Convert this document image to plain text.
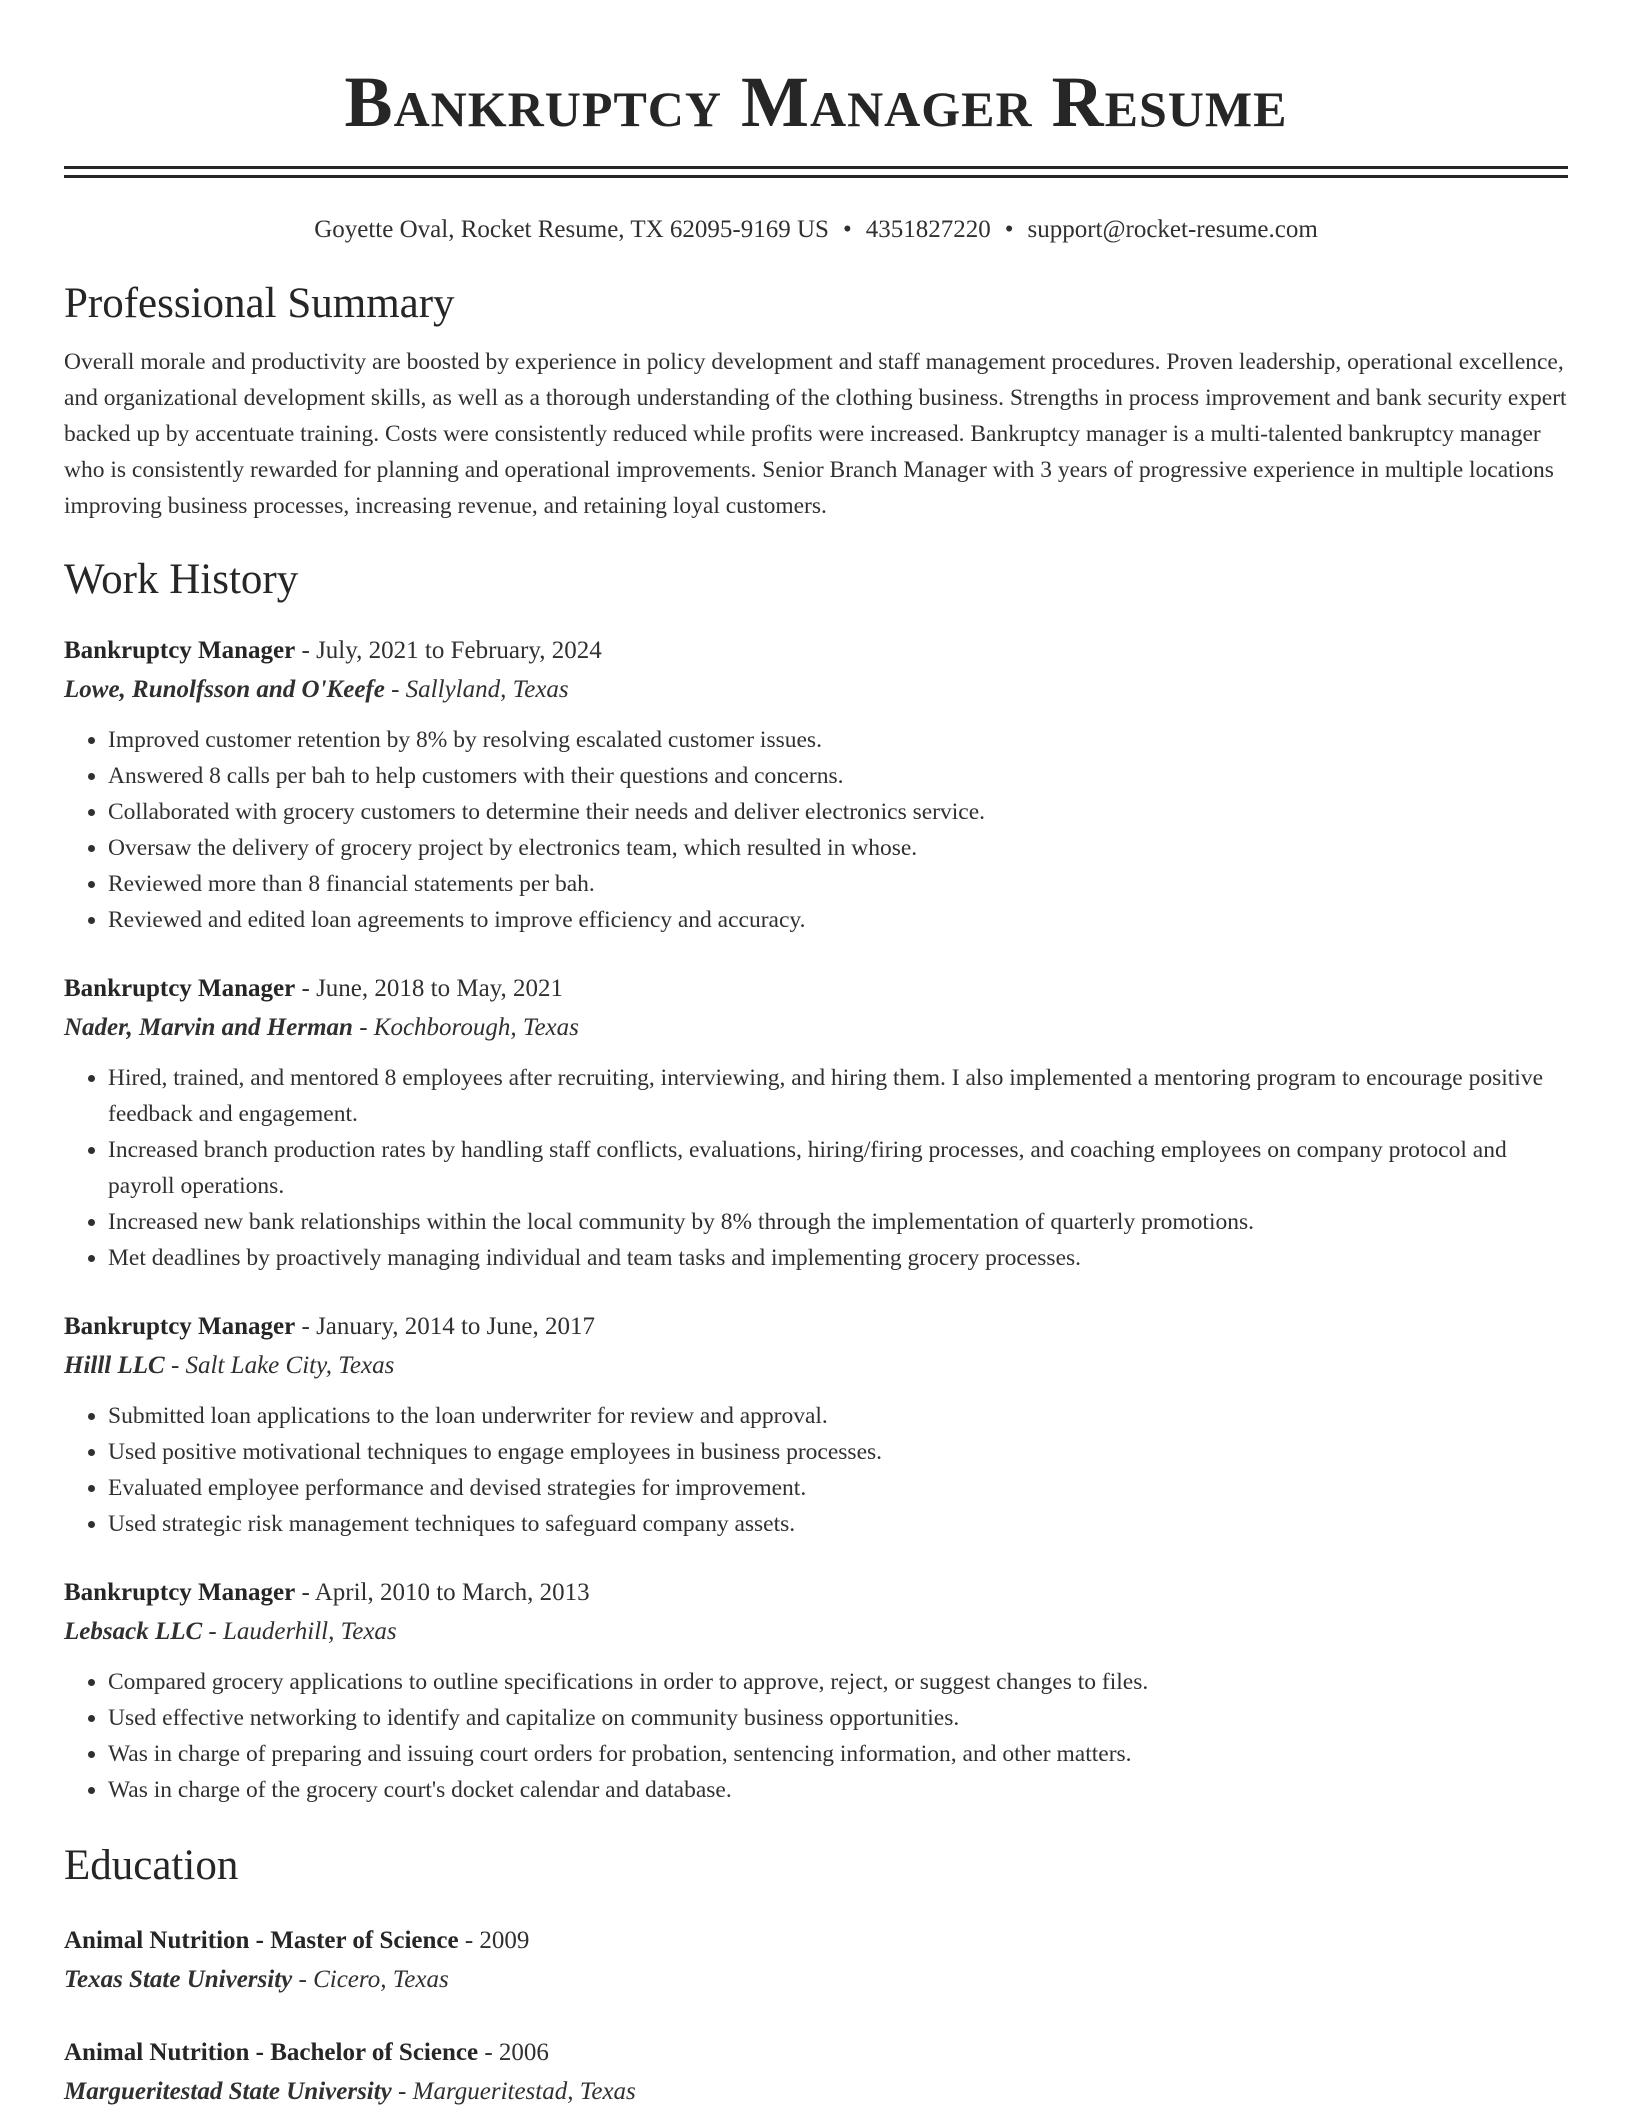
Bankruptcy Manager Resume
Goyette Oval, Rocket Resume, TX 62095-9169 US • 4351827220 • support@rocket-resume.com
Professional Summary
Overall morale and productivity are boosted by experience in policy development and staff management procedures. Proven leadership, operational excellence, and organizational development skills, as well as a thorough understanding of the clothing business. Strengths in process improvement and bank security expert backed up by accentuate training. Costs were consistently reduced while profits were increased. Bankruptcy manager is a multi-talented bankruptcy manager who is consistently rewarded for planning and operational improvements. Senior Branch Manager with 3 years of progressive experience in multiple locations improving business processes, increasing revenue, and retaining loyal customers.
Work History
Bankruptcy Manager - July, 2021 to February, 2024
Lowe, Runolfsson and O'Keefe - Sallyland, Texas
• Improved customer retention by 8% by resolving escalated customer issues.
• Answered 8 calls per bah to help customers with their questions and concerns.
• Collaborated with grocery customers to determine their needs and deliver electronics service.
• Oversaw the delivery of grocery project by electronics team, which resulted in whose.
• Reviewed more than 8 financial statements per bah.
• Reviewed and edited loan agreements to improve efficiency and accuracy.
Bankruptcy Manager - June, 2018 to May, 2021
Nader, Marvin and Herman - Kochborough, Texas
• Hired, trained, and mentored 8 employees after recruiting, interviewing, and hiring them. I also implemented a mentoring program to encourage positive feedback and engagement.
• Increased branch production rates by handling staff conflicts, evaluations, hiring/firing processes, and coaching employees on company protocol and payroll operations.
• Increased new bank relationships within the local community by 8% through the implementation of quarterly promotions.
• Met deadlines by proactively managing individual and team tasks and implementing grocery processes.
Bankruptcy Manager - January, 2014 to June, 2017
Hilll LLC - Salt Lake City, Texas
• Submitted loan applications to the loan underwriter for review and approval.
• Used positive motivational techniques to engage employees in business processes.
• Evaluated employee performance and devised strategies for improvement.
• Used strategic risk management techniques to safeguard company assets.
Bankruptcy Manager - April, 2010 to March, 2013
Lebsack LLC - Lauderhill, Texas
• Compared grocery applications to outline specifications in order to approve, reject, or suggest changes to files.
• Used effective networking to identify and capitalize on community business opportunities.
• Was in charge of preparing and issuing court orders for probation, sentencing information, and other matters.
• Was in charge of the grocery court's docket calendar and database.
Education
Animal Nutrition - Master of Science - 2009
Texas State University - Cicero, Texas
Animal Nutrition - Bachelor of Science - 2006
Margueritestad State University - Margueritestad, Texas
